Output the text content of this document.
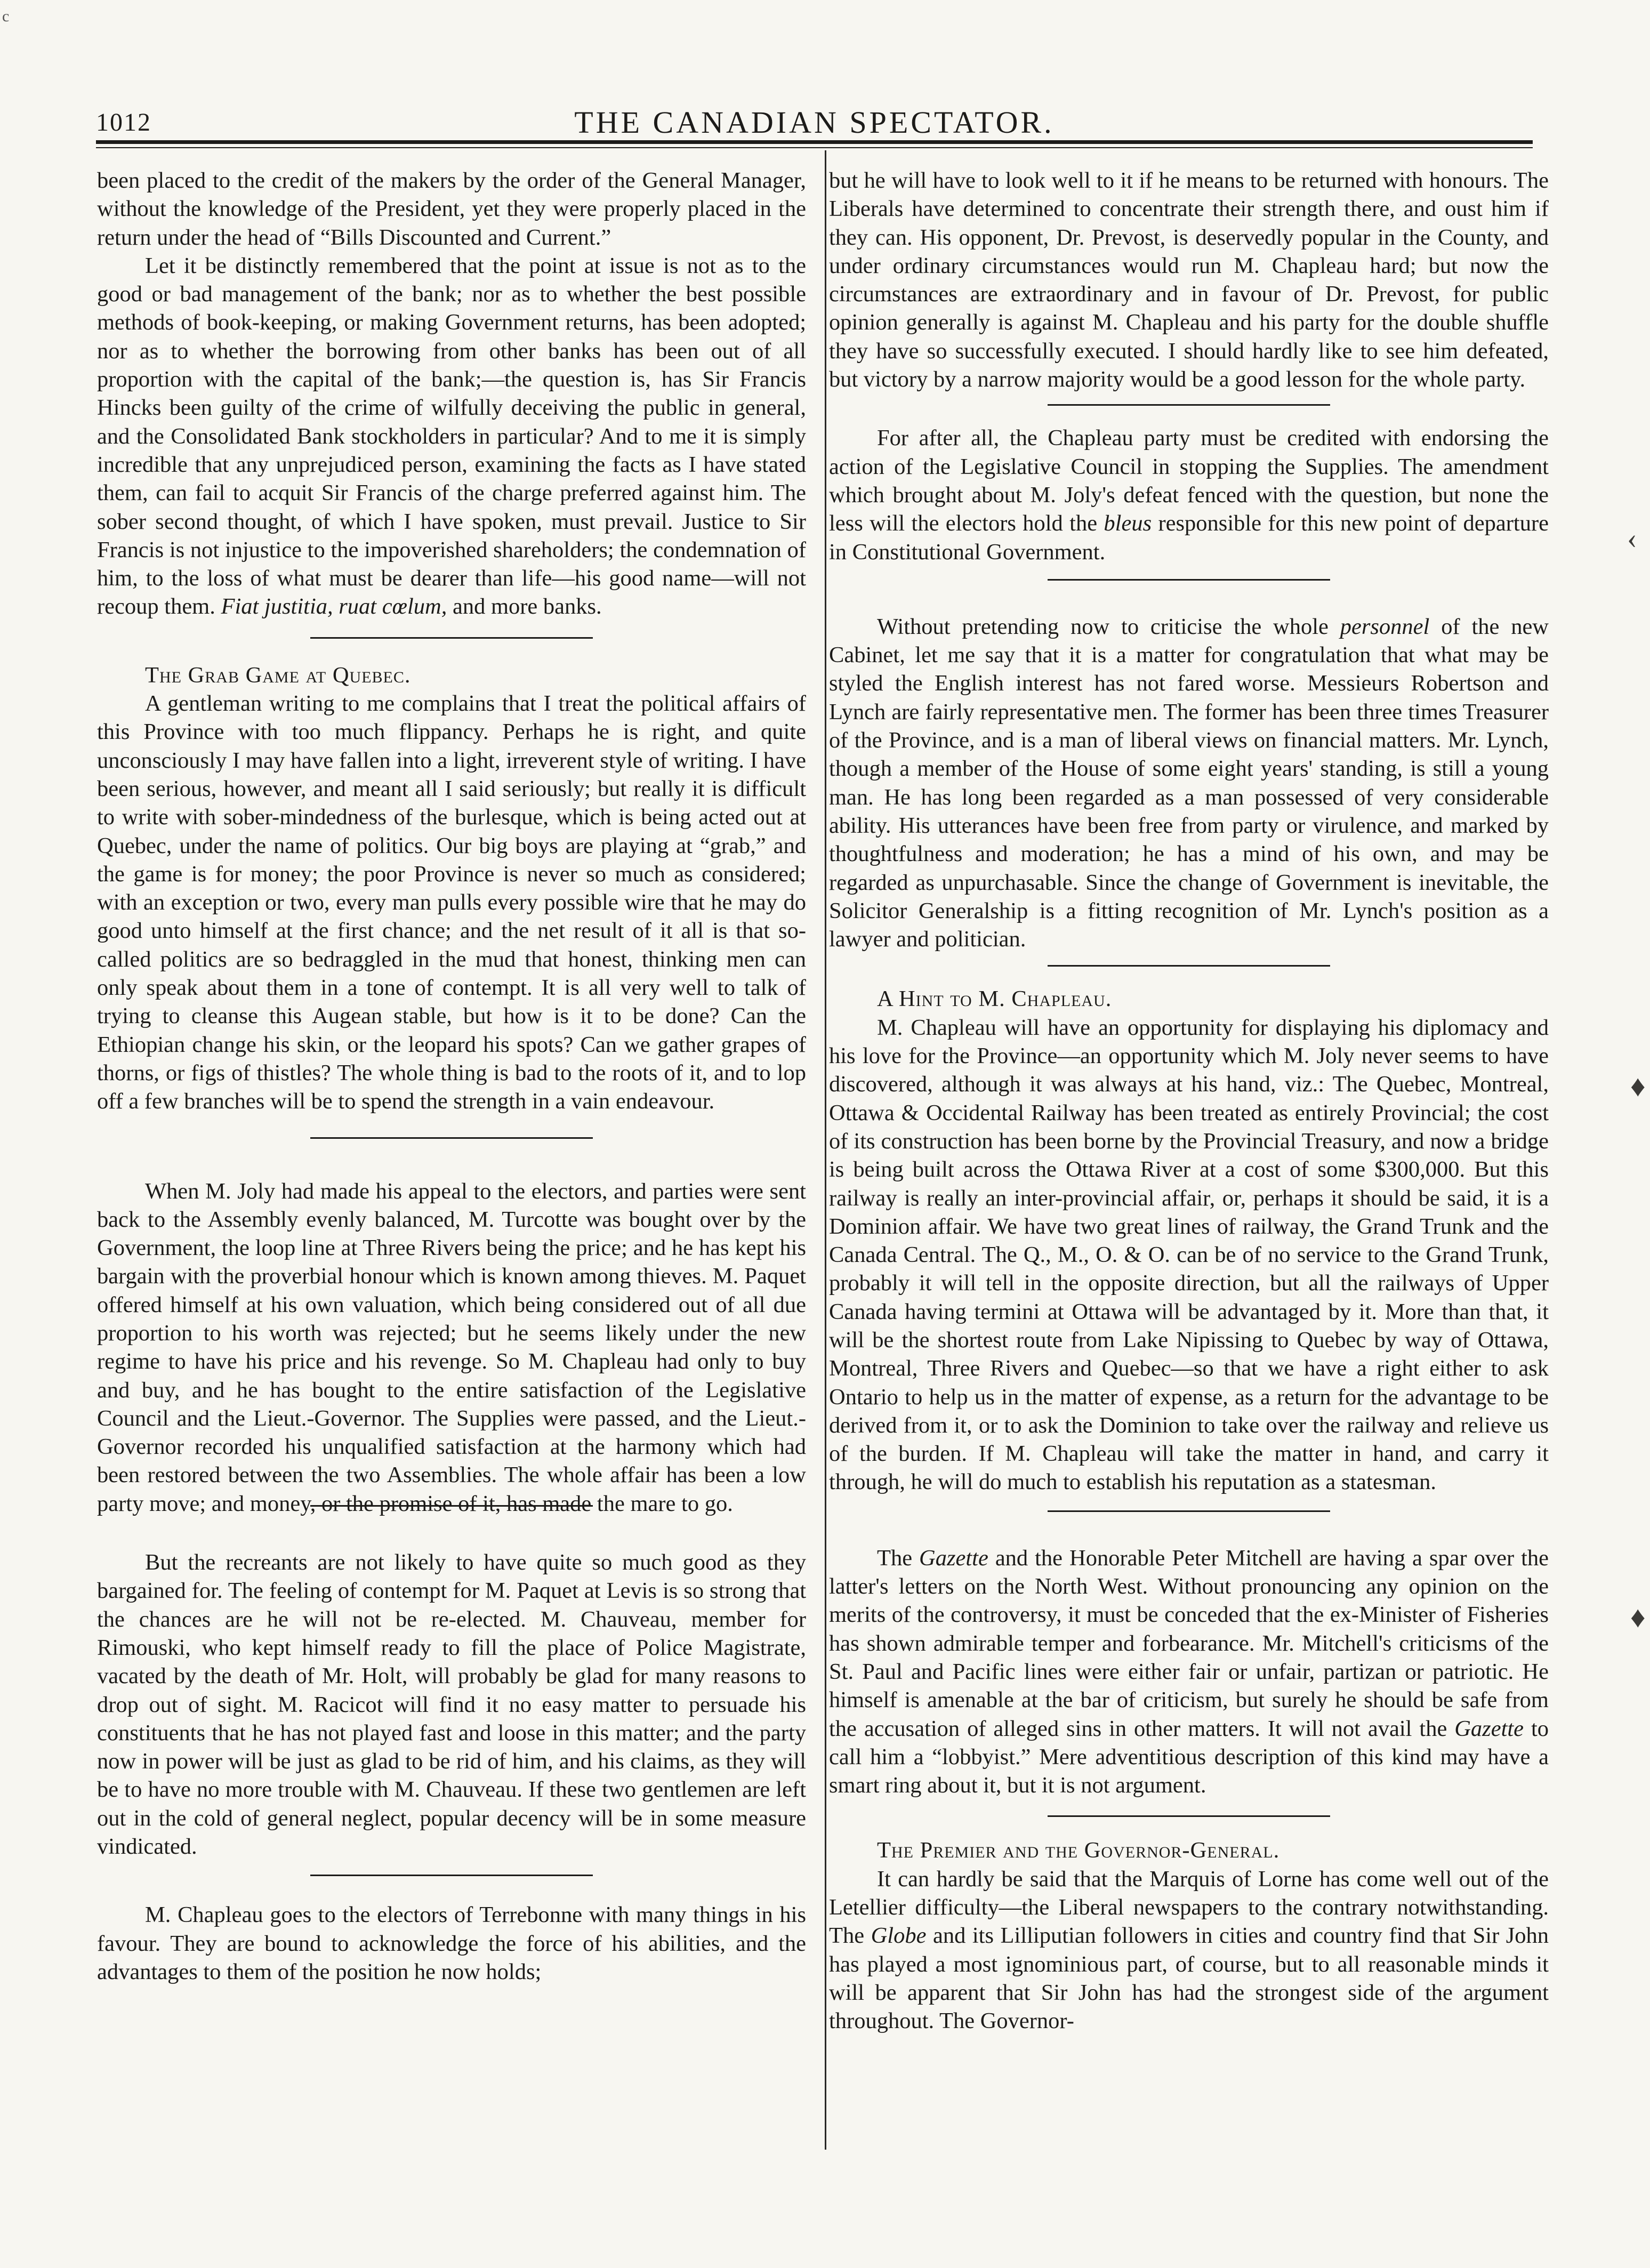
1012	THE CANADIAN SPECTATOR.

been placed to the credit of the makers by the order of the General Manager, without the knowledge of the President, yet they were properly placed in the return under the head of “Bills Discounted and Current.”

Let it be distinctly remembered that the point at issue is not as to the good or bad management of the bank; nor as to whether the best possible methods of book-keeping, or making Government returns, has been adopted; nor as to whether the borrowing from other banks has been out of all proportion with the capital of the bank;—the question is, has Sir Francis Hincks been guilty of the crime of wilfully deceiving the public in general, and the Consolidated Bank stockholders in particular? And to me it is simply incredible that any unprejudiced person, examining the facts as I have stated them, can fail to acquit Sir Francis of the charge preferred against him. The sober second thought, of which I have spoken, must prevail. Justice to Sir Francis is not injustice to the impoverished shareholders; the condemnation of him, to the loss of what must be dearer than life—his good name—will not recoup them. Fiat justitia, ruat cœlum, and more banks.

The Grab Game at Quebec.

A gentleman writing to me complains that I treat the political affairs of this Province with too much flippancy. Perhaps he is right, and quite unconsciously I may have fallen into a light, irreverent style of writing. I have been serious, however, and meant all I said seriously; but really it is difficult to write with sober-mindedness of the burlesque, which is being acted out at Quebec, under the name of politics. Our big boys are playing at “grab,” and the game is for money; the poor Province is never so much as considered; with an exception or two, every man pulls every possible wire that he may do good unto himself at the first chance; and the net result of it all is that so-called politics are so bedraggled in the mud that honest, thinking men can only speak about them in a tone of contempt. It is all very well to talk of trying to cleanse this Augean stable, but how is it to be done? Can the Ethiopian change his skin, or the leopard his spots? Can we gather grapes of thorns, or figs of thistles? The whole thing is bad to the roots of it, and to lop off a few branches will be to spend the strength in a vain endeavour.

When M. Joly had made his appeal to the electors, and parties were sent back to the Assembly evenly balanced, M. Turcotte was bought over by the Government, the loop line at Three Rivers being the price; and he has kept his bargain with the proverbial honour which is known among thieves. M. Paquet offered himself at his own valuation, which being considered out of all due proportion to his worth was rejected; but he seems likely under the new regime to have his price and his revenge. So M. Chapleau had only to buy and buy, and he has bought to the entire satisfaction of the Legislative Council and the Lieut.-Governor. The Supplies were passed, and the Lieut.-Governor recorded his unqualified satisfaction at the harmony which had been restored between the two Assemblies. The whole affair has been a low party move; and money, or the promise of it, has made the mare to go.

But the recreants are not likely to have quite so much good as they bargained for. The feeling of contempt for M. Paquet at Levis is so strong that the chances are he will not be re-elected. M. Chauveau, member for Rimouski, who kept himself ready to fill the place of Police Magistrate, vacated by the death of Mr. Holt, will probably be glad for many reasons to drop out of sight. M. Racicot will find it no easy matter to persuade his constituents that he has not played fast and loose in this matter; and the party now in power will be just as glad to be rid of him, and his claims, as they will be to have no more trouble with M. Chauveau. If these two gentlemen are left out in the cold of general neglect, popular decency will be in some measure vindicated.

M. Chapleau goes to the electors of Terrebonne with many things in his favour. They are bound to acknowledge the force of his abilities, and the advantages to them of the position he now holds;

but he will have to look well to it if he means to be returned with honours. The Liberals have determined to concentrate their strength there, and oust him if they can. His opponent, Dr. Prevost, is deservedly popular in the County, and under ordinary circumstances would run M. Chapleau hard; but now the circumstances are extraordinary and in favour of Dr. Prevost, for public opinion generally is against M. Chapleau and his party for the double shuffle they have so successfully executed. I should hardly like to see him defeated, but victory by a narrow majority would be a good lesson for the whole party.

For after all, the Chapleau party must be credited with endorsing the action of the Legislative Council in stopping the Supplies. The amendment which brought about M. Joly's defeat fenced with the question, but none the less will the electors hold the bleus responsible for this new point of departure in Constitutional Government.

Without pretending now to criticise the whole personnel of the new Cabinet, let me say that it is a matter for congratulation that what may be styled the English interest has not fared worse. Messieurs Robertson and Lynch are fairly representative men. The former has been three times Treasurer of the Province, and is a man of liberal views on financial matters. Mr. Lynch, though a member of the House of some eight years' standing, is still a young man. He has long been regarded as a man possessed of very considerable ability. His utterances have been free from party or virulence, and marked by thoughtfulness and moderation; he has a mind of his own, and may be regarded as unpurchasable. Since the change of Government is inevitable, the Solicitor Generalship is a fitting recognition of Mr. Lynch's position as a lawyer and politician.

A Hint to M. Chapleau.

M. Chapleau will have an opportunity for displaying his diplomacy and his love for the Province—an opportunity which M. Joly never seems to have discovered, although it was always at his hand, viz.: The Quebec, Montreal, Ottawa & Occidental Railway has been treated as entirely Provincial; the cost of its construction has been borne by the Provincial Treasury, and now a bridge is being built across the Ottawa River at a cost of some $300,000. But this railway is really an inter-provincial affair, or, perhaps it should be said, it is a Dominion affair. We have two great lines of railway, the Grand Trunk and the Canada Central. The Q., M., O. & O. can be of no service to the Grand Trunk, probably it will tell in the opposite direction, but all the railways of Upper Canada having termini at Ottawa will be advantaged by it. More than that, it will be the shortest route from Lake Nipissing to Quebec by way of Ottawa, Montreal, Three Rivers and Quebec—so that we have a right either to ask Ontario to help us in the matter of expense, as a return for the advantage to be derived from it, or to ask the Dominion to take over the railway and relieve us of the burden. If M. Chapleau will take the matter in hand, and carry it through, he will do much to establish his reputation as a statesman.

The Gazette and the Honorable Peter Mitchell are having a spar over the latter's letters on the North West. Without pronouncing any opinion on the merits of the controversy, it must be conceded that the ex-Minister of Fisheries has shown admirable temper and forbearance. Mr. Mitchell's criticisms of the St. Paul and Pacific lines were either fair or unfair, partizan or patriotic. He himself is amenable at the bar of criticism, but surely he should be safe from the accusation of alleged sins in other matters. It will not avail the Gazette to call him a “lobbyist.” Mere adventitious description of this kind may have a smart ring about it, but it is not argument.

The Premier and the Governor-General.

It can hardly be said that the Marquis of Lorne has come well out of the Letellier difficulty—the Liberal newspapers to the contrary notwithstanding. The Globe and its Lilliputian followers in cities and country find that Sir John has played a most ignominious part, of course, but to all reasonable minds it will be apparent that Sir John has had the strongest side of the argument throughout. The Governor-

c
‹
♦
♦
